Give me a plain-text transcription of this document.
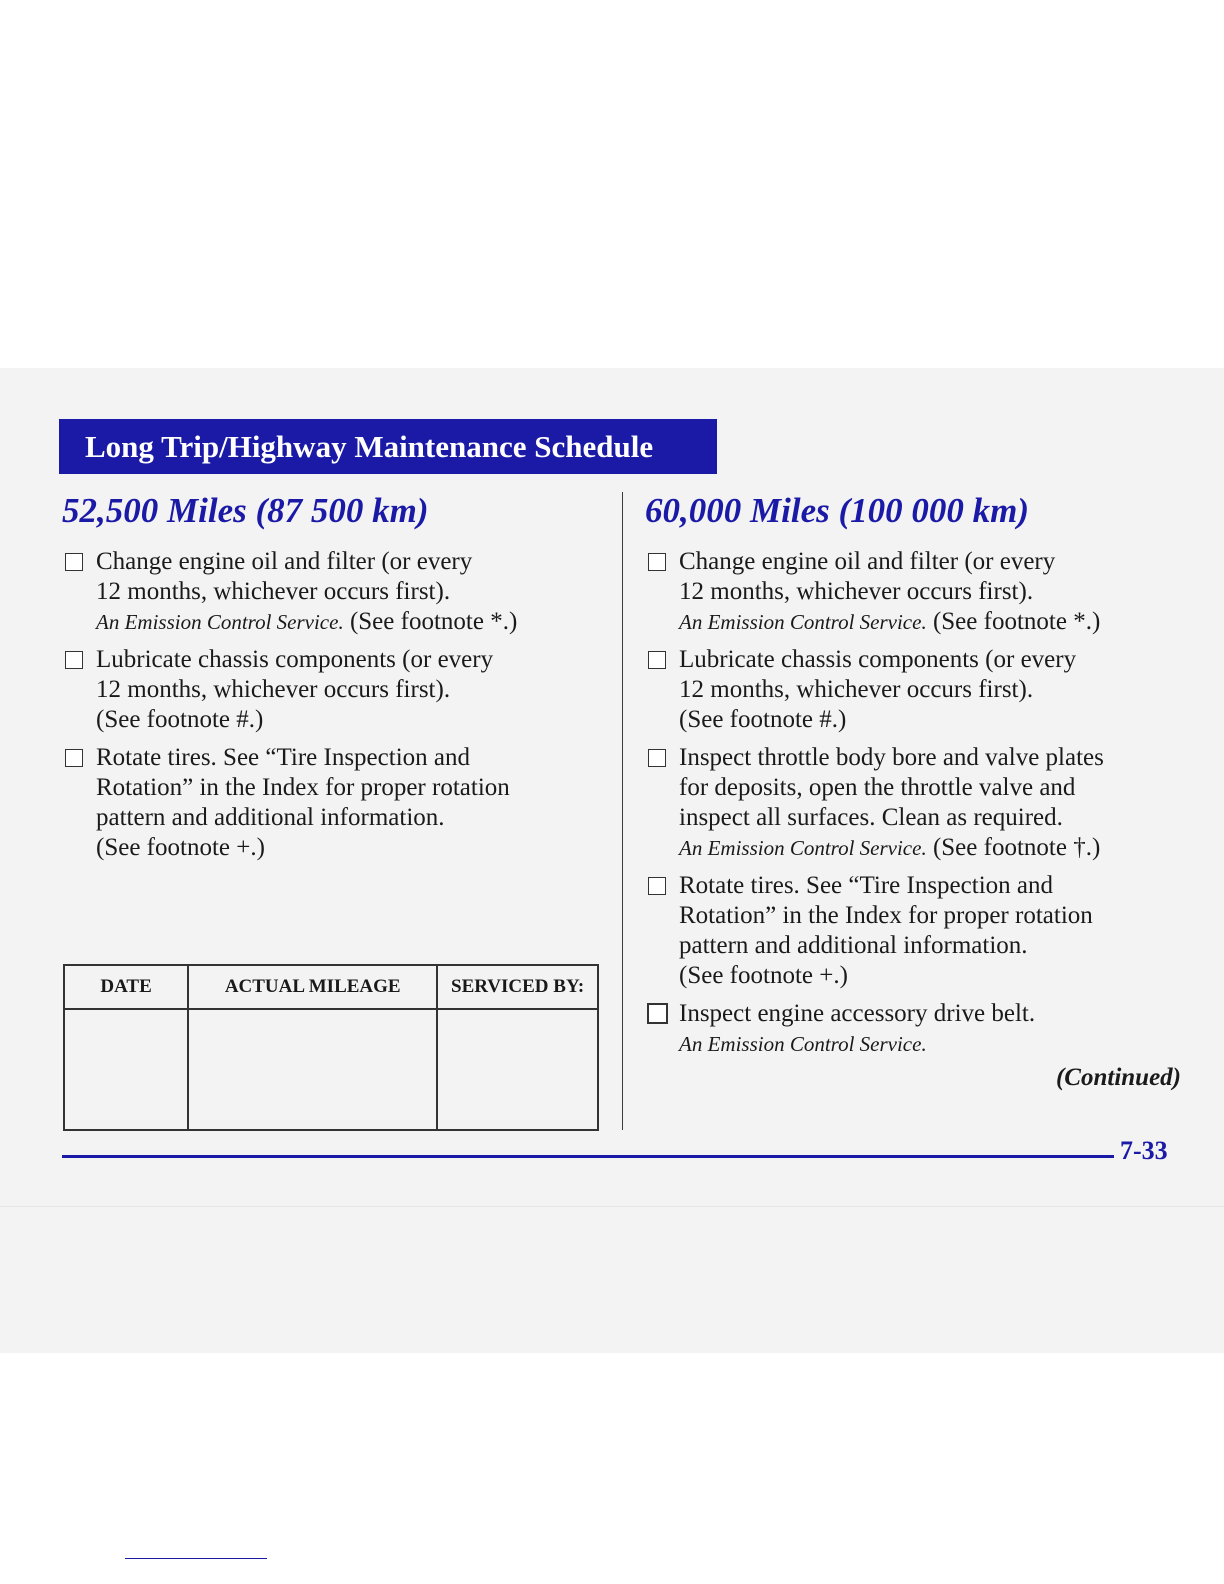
Long Trip/Highway Maintenance Schedule
52,500 Miles (87 500 km)
Change engine oil and filter (or every
12 months, whichever occurs first).
An Emission Control Service. (See footnote *.)
Lubricate chassis components (or every
12 months, whichever occurs first).
(See footnote #.)
Rotate tires. See “Tire Inspection and
Rotation” in the Index for proper rotation
pattern and additional information.
(See footnote +.)
DATE	ACTUAL MILEAGE	SERVICED BY:

60,000 Miles (100 000 km)
Change engine oil and filter (or every
12 months, whichever occurs first).
An Emission Control Service. (See footnote *.)
Lubricate chassis components (or every
12 months, whichever occurs first).
(See footnote #.)
Inspect throttle body bore and valve plates
for deposits, open the throttle valve and
inspect all surfaces. Clean as required.
An Emission Control Service. (See footnote †.)
Rotate tires. See “Tire Inspection and
Rotation” in the Index for proper rotation
pattern and additional information.
(See footnote +.)
Inspect engine accessory drive belt.
An Emission Control Service.
(Continued)
7-33
